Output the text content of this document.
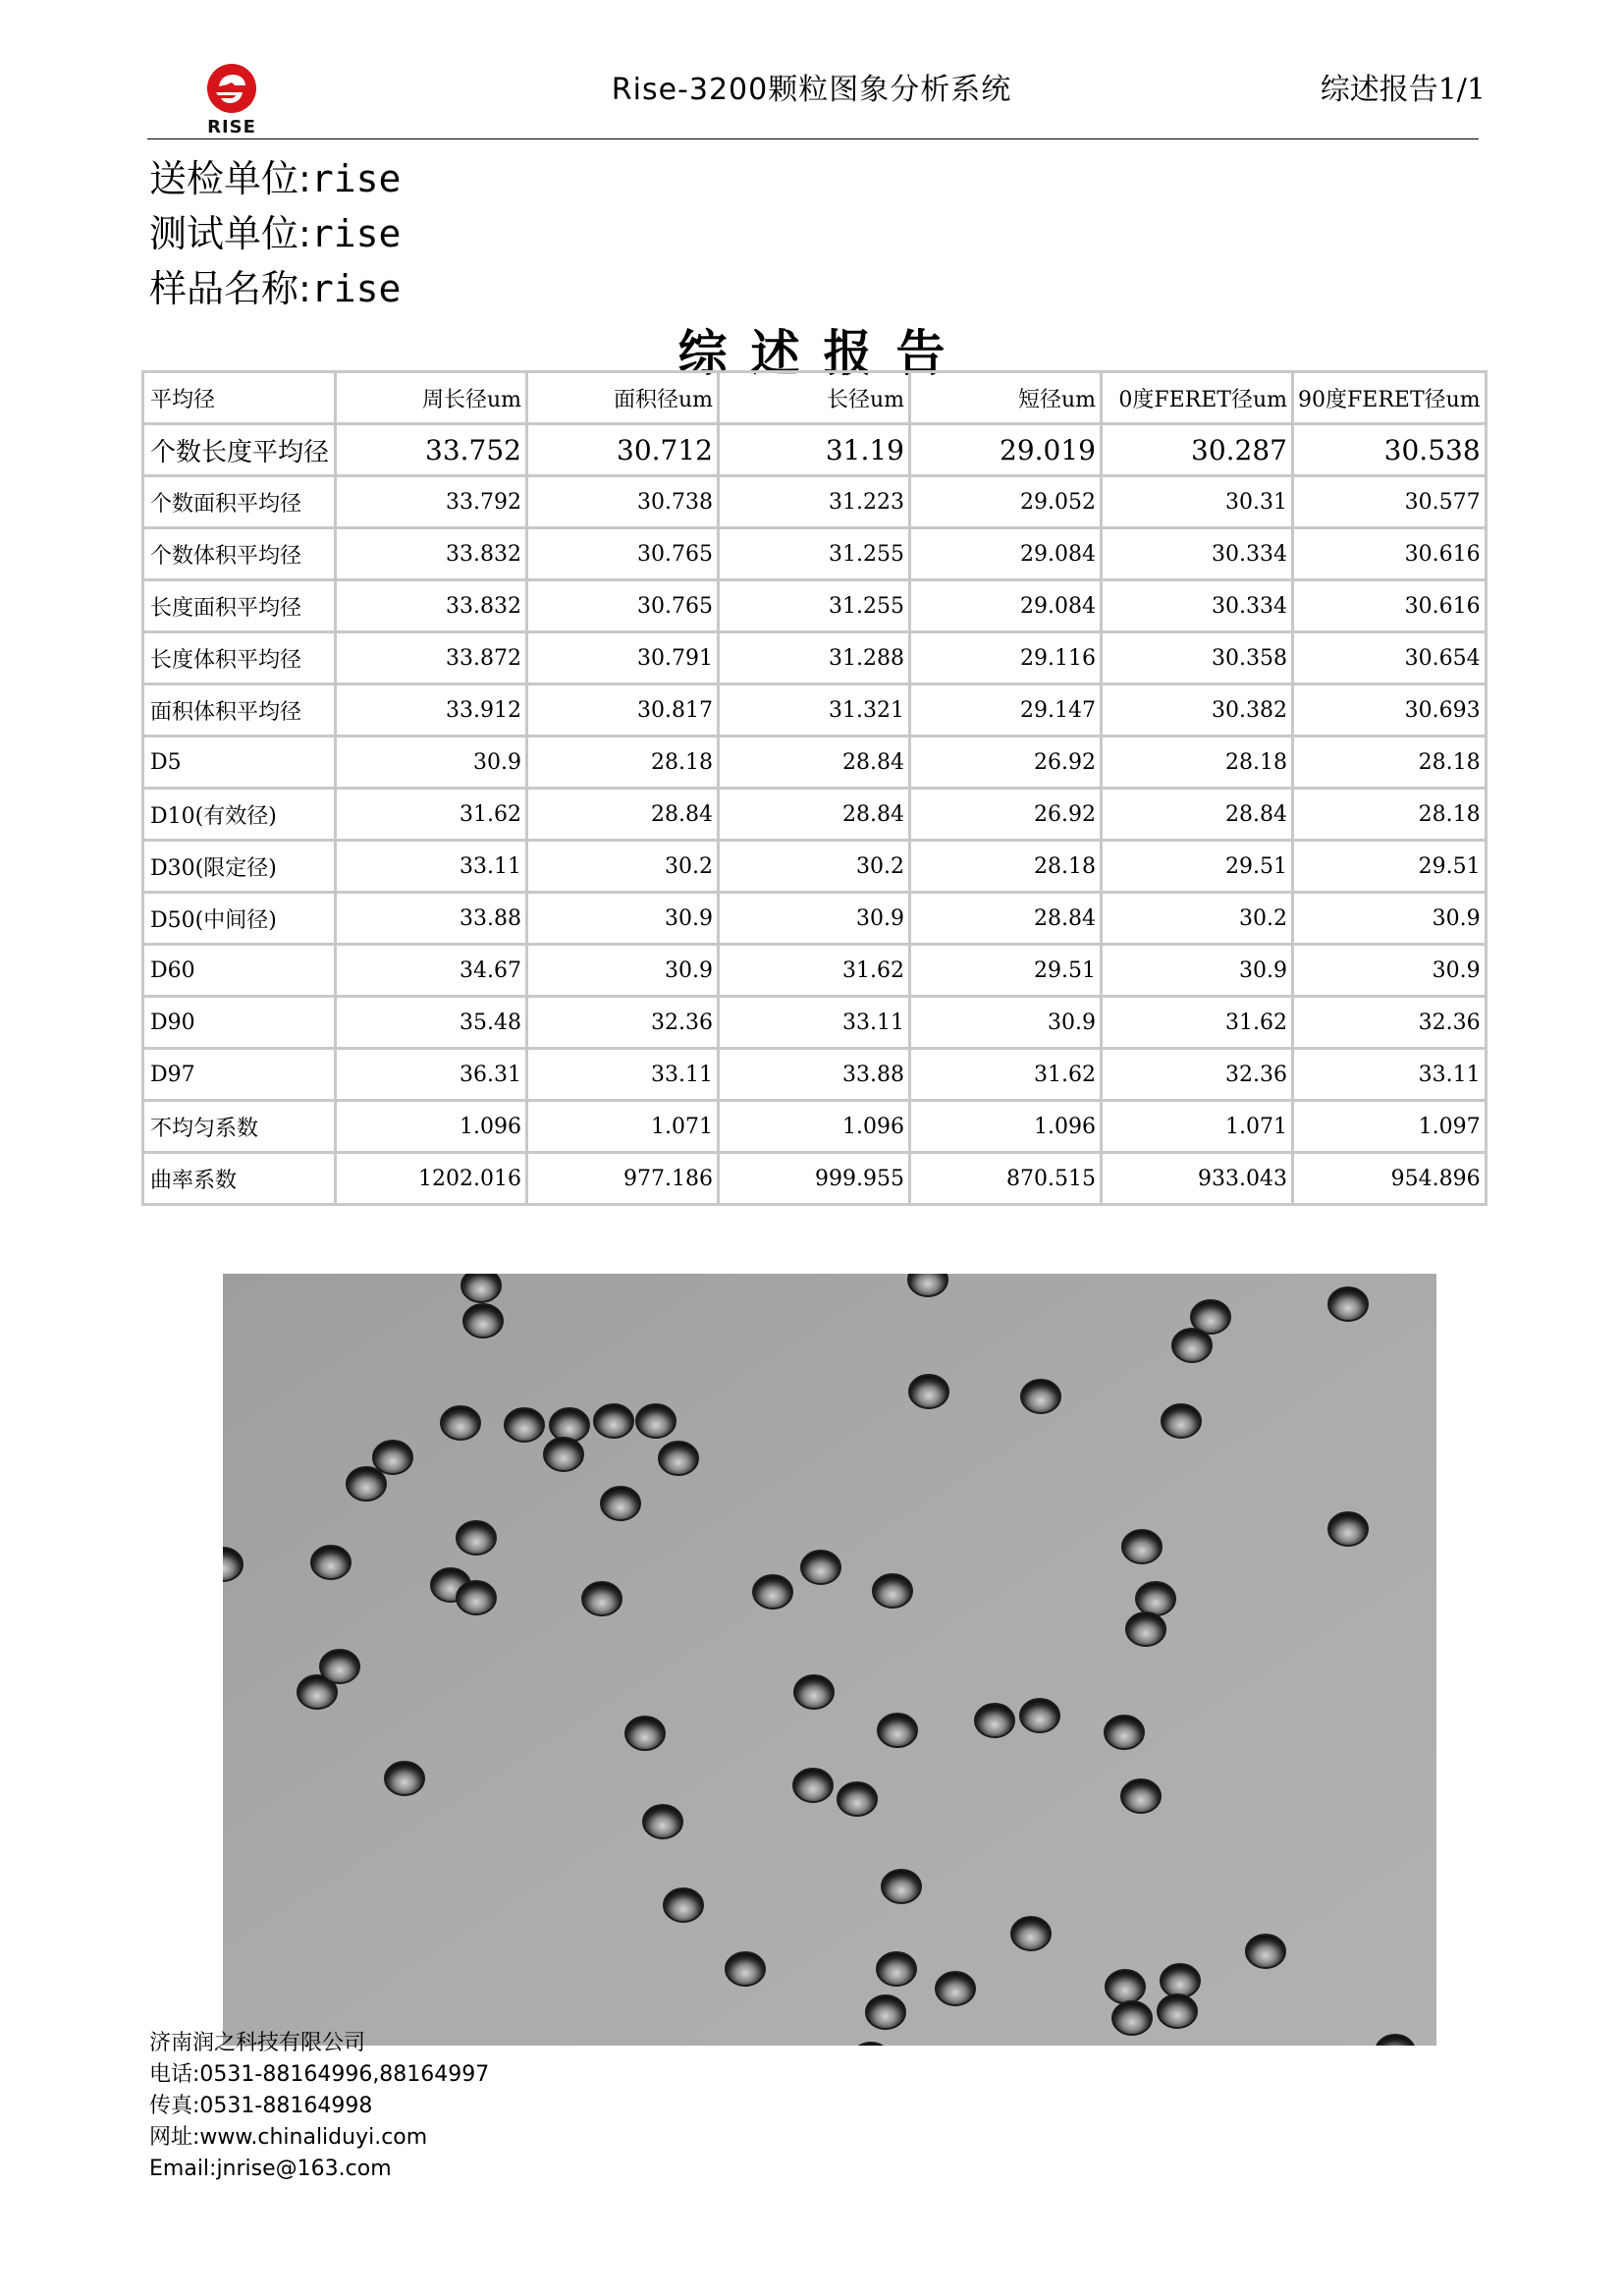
RISE
Rise-3200颗粒图象分析系统	综述报告1/1
送检单位:rise
测试单位:rise
样品名称:rise
综述报告
平均径	周长径um	面积径um	长径um	短径um	0度FERET径um	90度FERET径um
个数长度平均径	33.752	30.712	31.19	29.019	30.287	30.538
个数面积平均径	33.792	30.738	31.223	29.052	30.31	30.577
个数体积平均径	33.832	30.765	31.255	29.084	30.334	30.616
长度面积平均径	33.832	30.765	31.255	29.084	30.334	30.616
长度体积平均径	33.872	30.791	31.288	29.116	30.358	30.654
面积体积平均径	33.912	30.817	31.321	29.147	30.382	30.693
D5	30.9	28.18	28.84	26.92	28.18	28.18
D10(有效径)	31.62	28.84	28.84	26.92	28.84	28.18
D30(限定径)	33.11	30.2	30.2	28.18	29.51	29.51
D50(中间径)	33.88	30.9	30.9	28.84	30.2	30.9
D60	34.67	30.9	31.62	29.51	30.9	30.9
D90	35.48	32.36	33.11	30.9	31.62	32.36
D97	36.31	33.11	33.88	31.62	32.36	33.11
不均匀系数	1.096	1.071	1.096	1.096	1.071	1.097
曲率系数	1202.016	977.186	999.955	870.515	933.043	954.896
济南润之科技有限公司
电话:0531-88164996,88164997
传真:0531-88164998
网址:www.chinaliduyi.com
Email:jnrise@163.com
